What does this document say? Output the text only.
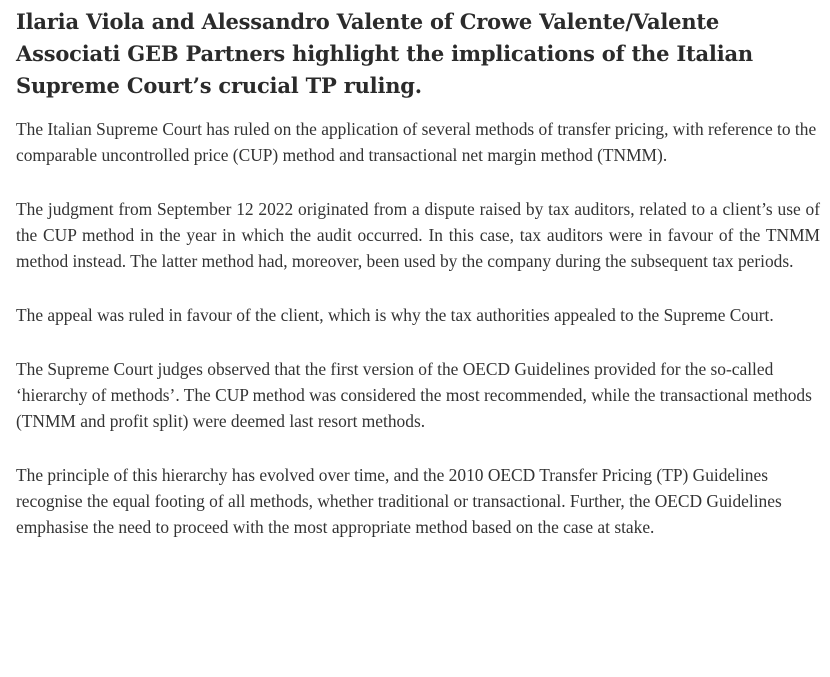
Ilaria Viola and Alessandro Valente of Crowe Valente/Valente Associati GEB Partners highlight the implications of the Italian Supreme Court’s crucial TP ruling.

The Italian Supreme Court has ruled on the application of several methods of transfer pricing, with reference to the comparable uncontrolled price (CUP) method and transactional net margin method (TNMM).

The judgment from September 12 2022 originated from a dispute raised by tax auditors, related to a client’s use of the CUP method in the year in which the audit occurred. In this case, tax auditors were in favour of the TNMM method instead. The latter method had, moreover, been used by the company during the subsequent tax periods.

The appeal was ruled in favour of the client, which is why the tax authorities appealed to the Supreme Court.

The Supreme Court judges observed that the first version of the OECD Guidelines provided for the so-called ‘hierarchy of methods’. The CUP method was considered the most recommended, while the transactional methods (TNMM and profit split) were deemed last resort methods.

The principle of this hierarchy has evolved over time, and the 2010 OECD Transfer Pricing (TP) Guidelines recognise the equal footing of all methods, whether traditional or transactional. Further, the OECD Guidelines emphasise the need to proceed with the most appropriate method based on the case at stake.
